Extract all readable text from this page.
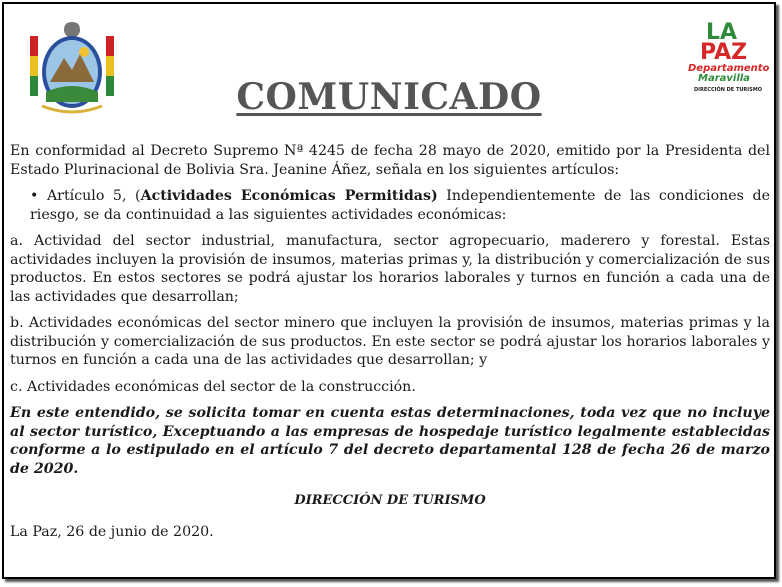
LA
PAZ
Departamento
Maravilla
DIRECCIÓN DE TURISMO
COMUNICADO

En conformidad al Decreto Supremo Nª 4245 de fecha 28 mayo de 2020, emitido por la Presidenta del Estado Plurinacional de Bolivia Sra. Jeanine Áñez, señala en los siguientes artículos:

• Artículo 5, (Actividades Económicas Permitidas) Independientemente de las condiciones de riesgo, se da continuidad a las siguientes actividades económicas:

a. Actividad del sector industrial, manufactura, sector agropecuario, maderero y forestal. Estas actividades incluyen la provisión de insumos, materias primas y, la distribución y comercialización de sus productos. En estos sectores se podrá ajustar los horarios laborales y turnos en función a cada una de las actividades que desarrollan;

b. Actividades económicas del sector minero que incluyen la provisión de insumos, materias primas y la distribución y comercialización de sus productos. En este sector se podrá ajustar los horarios laborales y turnos en función a cada una de las actividades que desarrollan; y

c. Actividades económicas del sector de la construcción.

En este entendido, se solicita tomar en cuenta estas determinaciones, toda vez que no incluye al sector turístico, Exceptuando a las empresas de hospedaje turístico legalmente establecidas conforme a lo estipulado en el artículo 7 del decreto departamental 128 de fecha 26 de marzo de 2020.

DIRECCIÓN DE TURISMO

La Paz, 26 de junio de 2020.
